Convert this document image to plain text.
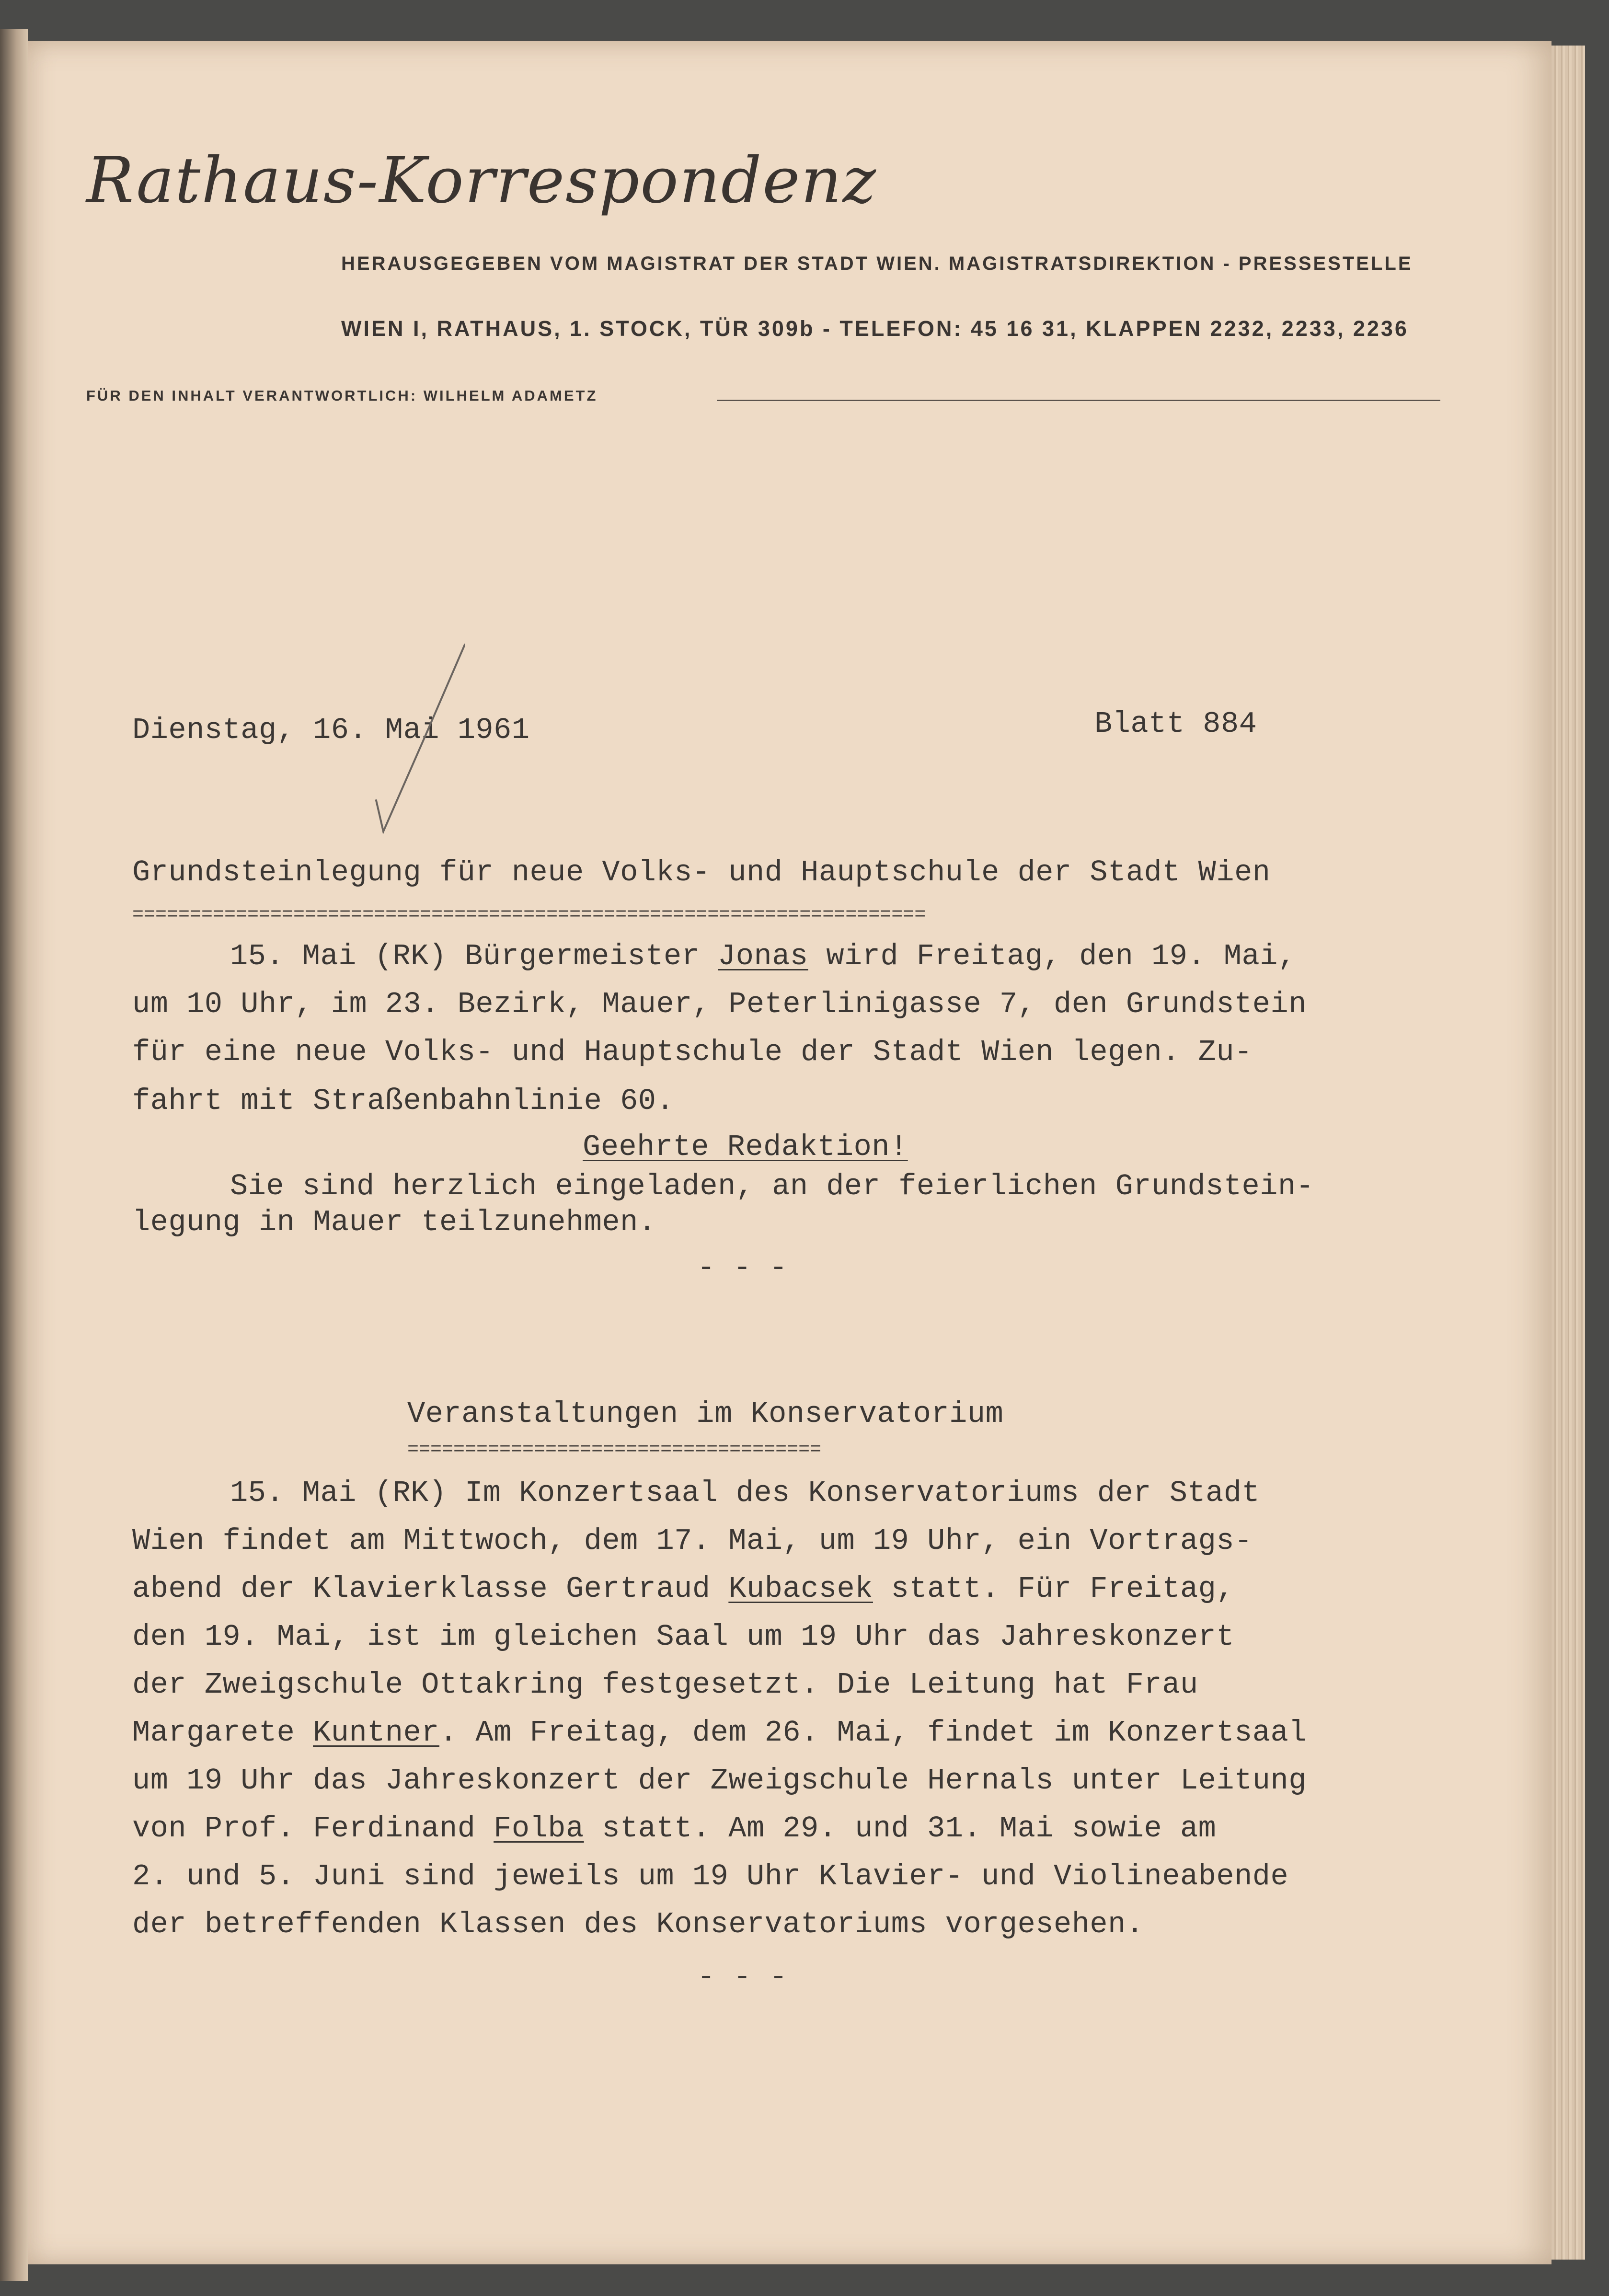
Rathaus-Korrespondenz
HERAUSGEGEBEN VOM MAGISTRAT DER STADT WIEN. MAGISTRATSDIREKTION - PRESSESTELLE
WIEN I, RATHAUS, 1. STOCK, TÜR 309b - TELEFON: 45 16 31, KLAPPEN 2232, 2233, 2236
FÜR DEN INHALT VERANTWORTLICH: WILHELM ADAMETZ
Dienstag, 16. Mai 1961	Blatt 884
Grundsteinlegung für neue Volks- und Hauptschule der Stadt Wien
=====================================================================
15. Mai (RK) Bürgermeister Jonas wird Freitag, den 19. Mai,
um 10 Uhr, im 23. Bezirk, Mauer, Peterlinigasse 7, den Grundstein
für eine neue Volks- und Hauptschule der Stadt Wien legen. Zu-
fahrt mit Straßenbahnlinie 60.
Geehrte Redaktion!
Sie sind herzlich eingeladen, an der feierlichen Grundstein-
legung in Mauer teilzunehmen.
- - -
Veranstaltungen im Konservatorium
====================================
15. Mai (RK) Im Konzertsaal des Konservatoriums der Stadt
Wien findet am Mittwoch, dem 17. Mai, um 19 Uhr, ein Vortrags-
abend der Klavierklasse Gertraud Kubacsek statt. Für Freitag,
den 19. Mai, ist im gleichen Saal um 19 Uhr das Jahreskonzert
der Zweigschule Ottakring festgesetzt. Die Leitung hat Frau
Margarete Kuntner. Am Freitag, dem 26. Mai, findet im Konzertsaal
um 19 Uhr das Jahreskonzert der Zweigschule Hernals unter Leitung
von Prof. Ferdinand Folba statt. Am 29. und 31. Mai sowie am
2. und 5. Juni sind jeweils um 19 Uhr Klavier- und Violineabende
der betreffenden Klassen des Konservatoriums vorgesehen.
- - -
